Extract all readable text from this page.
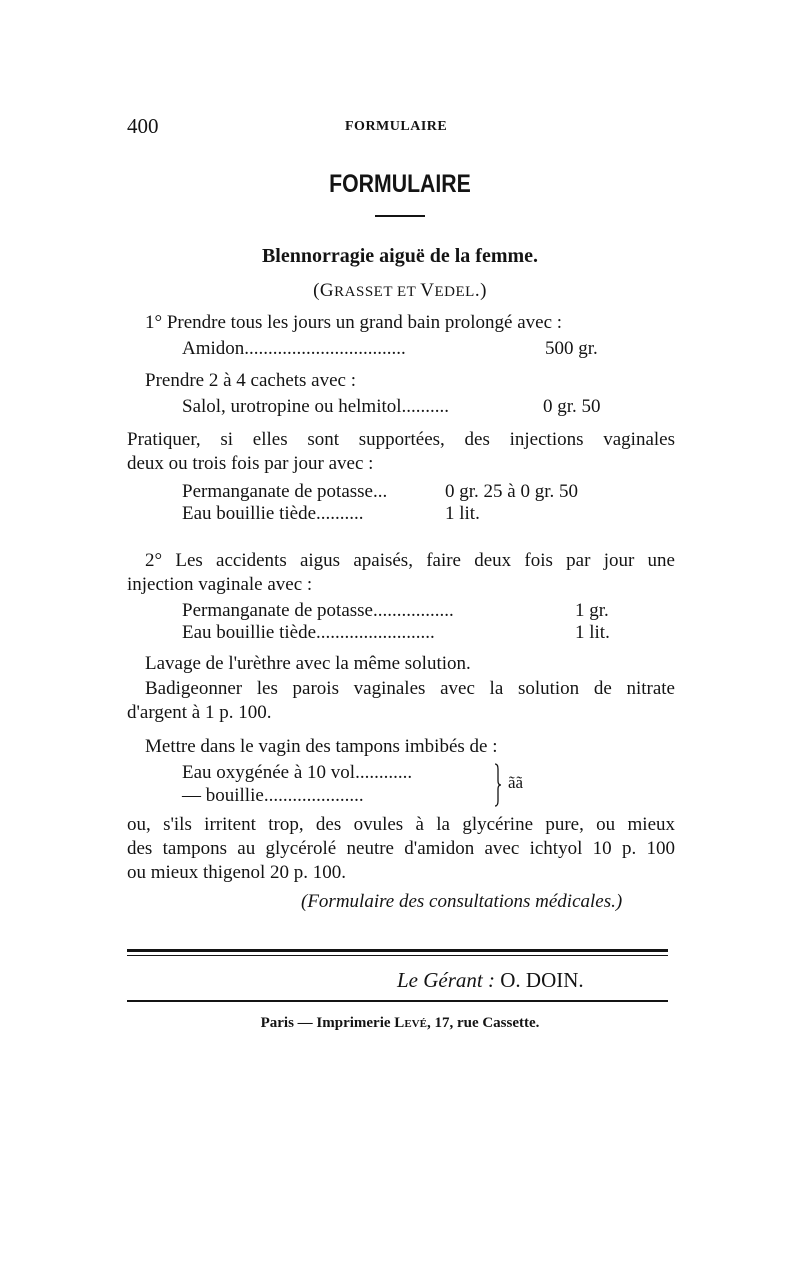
400	FORMULAIRE
FORMULAIRE
Blennorragie aiguë de la femme.
(GRASSET ET VEDEL.)
1° Prendre tous les jours un grand bain prolongé avec :
Amidon..................................	500 gr.
Prendre 2 à 4 cachets avec :
Salol, urotropine ou helmitol..........	0 gr. 50
Pratiquer, si elles sont supportées, des injections vaginales
deux ou trois fois par jour avec :
Permanganate de potasse...	0 gr. 25 à 0 gr. 50
Eau bouillie tiède..........	1 lit.
2° Les accidents aigus apaisés, faire deux fois par jour une
injection vaginale avec :
Permanganate de potasse.................	1 gr.
Eau bouillie tiède.........................	1 lit.
Lavage de l'urèthre avec la même solution.
Badigeonner les parois vaginales avec la solution de nitrate
d'argent à 1 p. 100.
Mettre dans le vagin des tampons imbibés de :
Eau oxygénée à 10 vol............
— bouillie.....................
ãã
ou, s'ils irritent trop, des ovules à la glycérine pure, ou mieux
des tampons au glycérolé neutre d'amidon avec ichtyol 10 p. 100
ou mieux thigenol 20 p. 100.
(Formulaire des consultations médicales.)
Le Gérant : O. DOIN.
Paris — Imprimerie LEVÉ, 17, rue Cassette.
